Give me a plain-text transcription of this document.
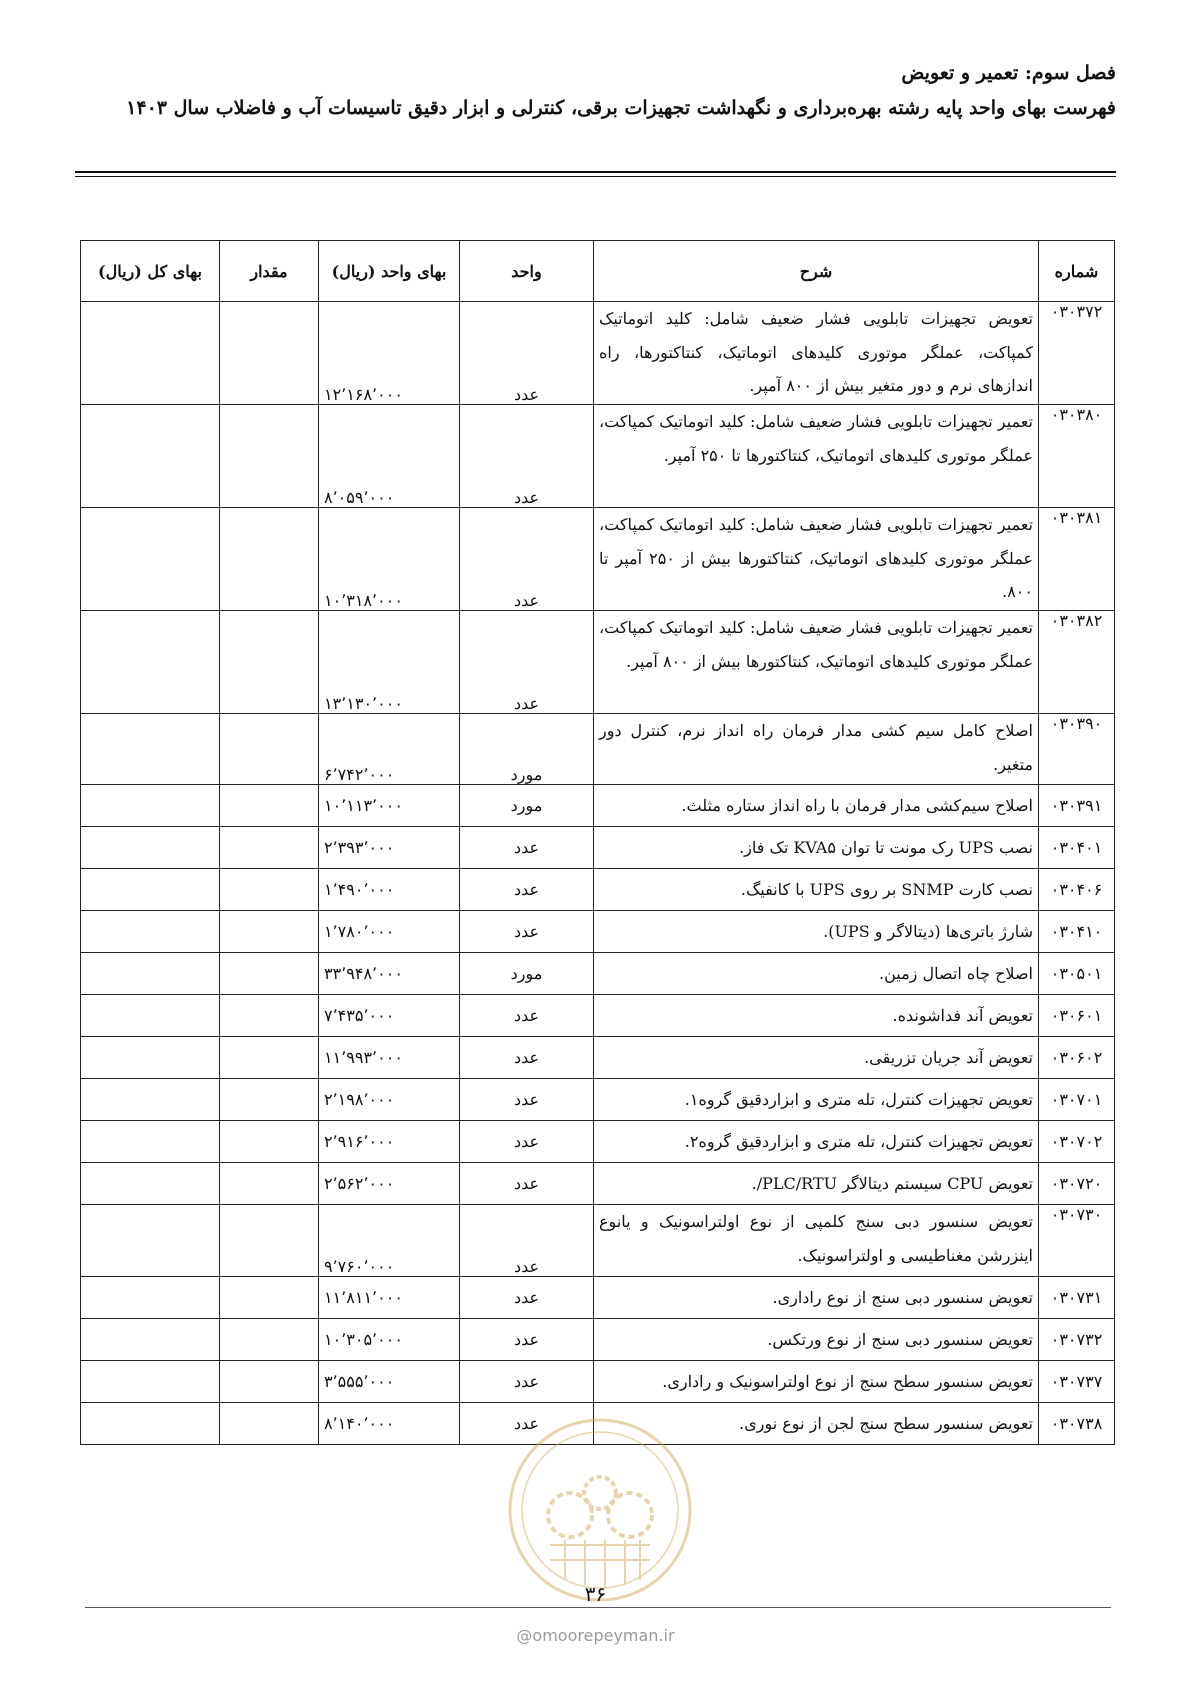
فصل سوم: تعمیر و تعویض
فهرست بهای واحد پایه رشته بهره‌برداری و نگهداشت تجهیزات برقی، کنترلی و ابزار دقیق تاسیسات آب و فاضلاب سال ۱۴۰۳
شماره	شرح	واحد	بهای واحد (ریال)	مقدار	بهای کل (ریال)
۰۳۰۳۷۲	تعویض تجهیزات تابلویی فشار ضعیف شامل: کلید اتوماتیک کمپاکت، عملگر موتوری کلیدهای اتوماتیک، کنتاکتورها، راه اندازهای نرم و دور متغیر بیش از ۸۰۰ آمپر.	عدد	۱۲٬۱۶۸٬۰۰۰		
۰۳۰۳۸۰	تعمیر تجهیزات تابلویی فشار ضعیف شامل: کلید اتوماتیک کمپاکت، عملگر موتوری کلیدهای اتوماتیک، کنتاکتورها تا ۲۵۰ آمپر.	عدد	۸٬۰۵۹٬۰۰۰		
۰۳۰۳۸۱	تعمیر تجهیزات تابلویی فشار ضعیف شامل: کلید اتوماتیک کمپاکت، عملگر موتوری کلیدهای اتوماتیک، کنتاکتورها بیش از ۲۵۰ آمپر تا ۸۰۰.	عدد	۱۰٬۳۱۸٬۰۰۰		
۰۳۰۳۸۲	تعمیر تجهیزات تابلویی فشار ضعیف شامل: کلید اتوماتیک کمپاکت، عملگر موتوری کلیدهای اتوماتیک، کنتاکتورها بیش از ۸۰۰ آمپر.	عدد	۱۳٬۱۳۰٬۰۰۰		
۰۳۰۳۹۰	اصلاح کامل سیم کشی مدار فرمان راه انداز نرم، کنترل دور متغیر.	مورد	۶٬۷۴۲٬۰۰۰		
۰۳۰۳۹۱	اصلاح سیم‌کشی مدار فرمان با راه انداز ستاره مثلث.	مورد	۱۰٬۱۱۳٬۰۰۰		
۰۳۰۴۰۱	نصب UPS رک مونت تا توان KVA۵ تک فاز.	عدد	۲٬۳۹۳٬۰۰۰		
۰۳۰۴۰۶	نصب کارت SNMP بر روی UPS با کانفیگ.	عدد	۱٬۴۹۰٬۰۰۰		
۰۳۰۴۱۰	شارژ باتری‌ها (دیتالاگر و UPS).	عدد	۱٬۷۸۰٬۰۰۰		
۰۳۰۵۰۱	اصلاح چاه اتصال زمین.	مورد	۳۳٬۹۴۸٬۰۰۰		
۰۳۰۶۰۱	تعویض آند فداشونده.	عدد	۷٬۴۳۵٬۰۰۰		
۰۳۰۶۰۲	تعویض آند جریان تزریقی.	عدد	۱۱٬۹۹۳٬۰۰۰		
۰۳۰۷۰۱	تعویض تجهیزات کنترل، تله متری و ابزاردقیق گروه۱.	عدد	۲٬۱۹۸٬۰۰۰		
۰۳۰۷۰۲	تعویض تجهیزات کنترل، تله متری و ابزاردقیق گروه۲.	عدد	۲٬۹۱۶٬۰۰۰		
۰۳۰۷۲۰	تعویض CPU سیستم دیتالاگر PLC/RTU/.	عدد	۲٬۵۶۲٬۰۰۰		
۰۳۰۷۳۰	تعویض سنسور دبی سنج کلمپی از نوع اولتراسونیک و یانوع اینزرشن مغناطیسی و اولتراسونیک.	عدد	۹٬۷۶۰٬۰۰۰		
۰۳۰۷۳۱	تعویض سنسور دبی سنج از نوع راداری.	عدد	۱۱٬۸۱۱٬۰۰۰		
۰۳۰۷۳۲	تعویض سنسور دبی سنج از نوع ورتکس.	عدد	۱۰٬۳۰۵٬۰۰۰		
۰۳۰۷۳۷	تعویض سنسور سطح سنج از نوع اولتراسونیک و راداری.	عدد	۳٬۵۵۵٬۰۰۰		
۰۳۰۷۳۸	تعویض سنسور سطح سنج لجن از نوع نوری.	عدد	۸٬۱۴۰٬۰۰۰		
۳۶
@omoorepeyman.ir
